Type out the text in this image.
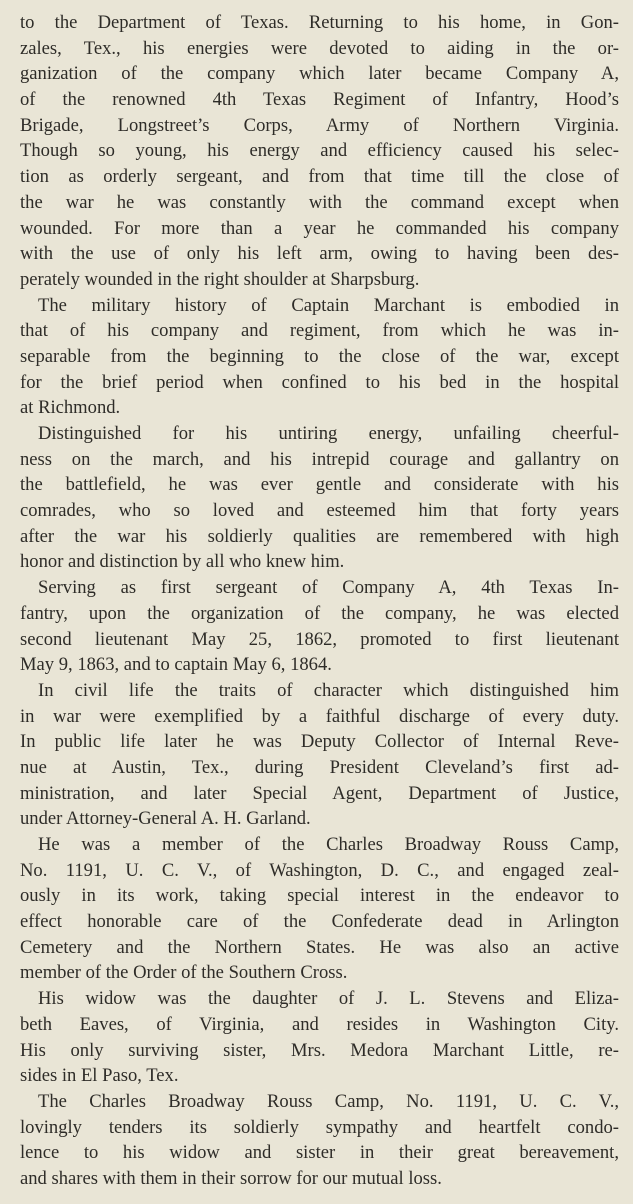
to the Department of Texas. Returning to his home, in Gon-
zales, Tex., his energies were devoted to aiding in the or-
ganization of the company which later became Company A,
of the renowned 4th Texas Regiment of Infantry, Hood’s
Brigade, Longstreet’s Corps, Army of Northern Virginia.
Though so young, his energy and efficiency caused his selec-
tion as orderly sergeant, and from that time till the close of
the war he was constantly with the command except when
wounded. For more than a year he commanded his company
with the use of only his left arm, owing to having been des-
perately wounded in the right shoulder at Sharpsburg.
The military history of Captain Marchant is embodied in
that of his company and regiment, from which he was in-
separable from the beginning to the close of the war, except
for the brief period when confined to his bed in the hospital
at Richmond.
Distinguished for his untiring energy, unfailing cheerful-
ness on the march, and his intrepid courage and gallantry on
the battlefield, he was ever gentle and considerate with his
comrades, who so loved and esteemed him that forty years
after the war his soldierly qualities are remembered with high
honor and distinction by all who knew him.
Serving as first sergeant of Company A, 4th Texas In-
fantry, upon the organization of the company, he was elected
second lieutenant May 25, 1862, promoted to first lieutenant
May 9, 1863, and to captain May 6, 1864.
In civil life the traits of character which distinguished him
in war were exemplified by a faithful discharge of every duty.
In public life later he was Deputy Collector of Internal Reve-
nue at Austin, Tex., during President Cleveland’s first ad-
ministration, and later Special Agent, Department of Justice,
under Attorney-General A. H. Garland.
He was a member of the Charles Broadway Rouss Camp,
No. 1191, U. C. V., of Washington, D. C., and engaged zeal-
ously in its work, taking special interest in the endeavor to
effect honorable care of the Confederate dead in Arlington
Cemetery and the Northern States. He was also an active
member of the Order of the Southern Cross.
His widow was the daughter of J. L. Stevens and Eliza-
beth Eaves, of Virginia, and resides in Washington City.
His only surviving sister, Mrs. Medora Marchant Little, re-
sides in El Paso, Tex.
The Charles Broadway Rouss Camp, No. 1191, U. C. V.,
lovingly tenders its soldierly sympathy and heartfelt condo-
lence to his widow and sister in their great bereavement,
and shares with them in their sorrow for our mutual loss.
